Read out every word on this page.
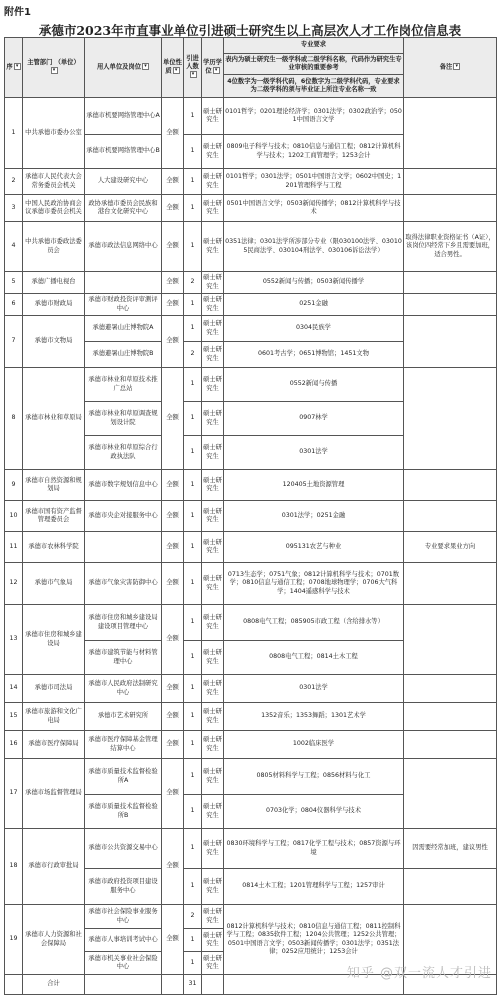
附件1
承德市2023年市直事业单位引进硕士研究生以上高层次人才工作岗位信息表
序 ▾	主管部门 （单位）▾	用人单位及岗位 ▾	单位性质 ▾	引进人数▾	学历学位 ▾	专业要求	备注 ▾
						表内为硕士研究生一级学科或二级学科名称，代码作为研究生专业审核的重要参考	
						4位数字为一级学科代码，6位数字为二级学科代码，专业要求为二级学科的须与毕业证上所注专业名称一致	
1	中共承德市委办公室	承德市机要网络管理中心A	全额	1	硕士研究生	0101哲学；0201理论经济学；0301法学；0302政治学；0501中国语言文学	
		承德市机要网络管理中心B		1	硕士研究生	0809电子科学与技术；0810信息与通信工程；0812计算机科学与技术；1202工商管理学；1253会计	
2	承德市人民代表大会常务委员会机关	人大建设研究中心	全额	1	硕士研究生	0101哲学；0301法学；0501中国语言文学；0602中国史；1201管理科学与工程	
3	中国人民政治协商会议承德市委员会机关	政协承德市委员会民族和港台文化研究中心	全额	1	硕士研究生	0501中国语言文学；0503新闻传播学；0812计算机科学与技术	
4	中共承德市委政法委员会	承德市政法信息网络中心	全额	1	硕士研究生	0351法律；0301法学所涉部分专业（限030100法学、030105民商法学、030104刑法学、030106诉讼法学）	取得法律职业资格证书（A证），该岗位四经常下乡且需要加班，适合男性。
5	承德广播电视台		全额	2	硕士研究生	0552新闻与传播；0503新闻传播学	
6	承德市财政局	承德市财政投资评审测评中心	全额	1	硕士研究生	0251金融	
7	承德市文物局	承德避暑山庄博物院A	全额	1	硕士研究生	0304民族学	
		承德避暑山庄博物院B		2	硕士研究生	0601考古学；0651博物馆；1451文物	
8	承德市林业和草原局	承德市林业和草原技术推广总站	全额	1	硕士研究生	0552新闻与传播	
		承德市林业和草原调查规划设计院		1	硕士研究生	0907林学	
		承德市林业和草原综合行政执法队		1	硕士研究生	0301法学	
9	承德市自然资源和规划局	承德市数字规划信息中心	全额	1	硕士研究生	120405土地资源管理	
10	承德市国有资产监督管理委员会	承德市央企对接服务中心	全额	1	硕士研究生	0301法学；0251金融	
11	承德市农林科学院		全额	1	硕士研究生	095131农艺与种业	专业要求果业方向
12	承德市气象局	承德市气象灾害防御中心	全额	1	硕士研究生	0713生态学；0751气象；0812计算机科学与技术；0701数学；0810信息与通信工程；0708地球物理学；0706大气科学；1404遥感科学与技术	
13	承德市住房和城乡建设局	承德市住房和城乡建设局建设项目管理中心	全额	1	硕士研究生	0808电气工程；085905市政工程（含给排水等）	
		承德市建筑节能与材料管理中心		1	硕士研究生	0808电气工程；0814土木工程	
14	承德市司法局	承德市人民政府法制研究中心	全额	1	硕士研究生	0301法学	
15	承德市旅游和文化广电局	承德市艺术研究所	全额	1	硕士研究生	1352音乐；1353舞蹈；1301艺术学	
16	承德市医疗保障局	承德市医疗保障基金管理结算中心	全额	1	硕士研究生	1002临床医学	
17	承德市场监督管理局	承德市质量技术监督检验所A	全额	1	硕士研究生	0805材料科学与工程；0856材料与化工	
		承德市质量技术监督检验所B		1	硕士研究生	0703化学；0804仪器科学与技术	
18	承德市行政审批局	承德市公共资源交易中心	全额	1	硕士研究生	0830环境科学与工程；0817化学工程与技术；0857资源与环境	因需要经常加班，建议男性
		承德市政府投资项目建设服务中心		1	硕士研究生	0814土木工程；1201管理科学与工程；1257审计	
19	承德市人力资源和社会保障局	承德市社会保险事业服务中心	全额	2	硕士研究生	0812计算机科学与技术；0810信息与通信工程；0811控制科学与工程；0835软件工程；1204公共管理；1252公共管理；0501中国语言文学；0503新闻传播学；0301法学；0351法律；0252应用统计；1253会计	
		承德市人事培训考试中心		1	硕士研究生		
		承德市机关事业社会保险中心		1	硕士研究生		
	合计			31			
知乎 @双一流人才引进
